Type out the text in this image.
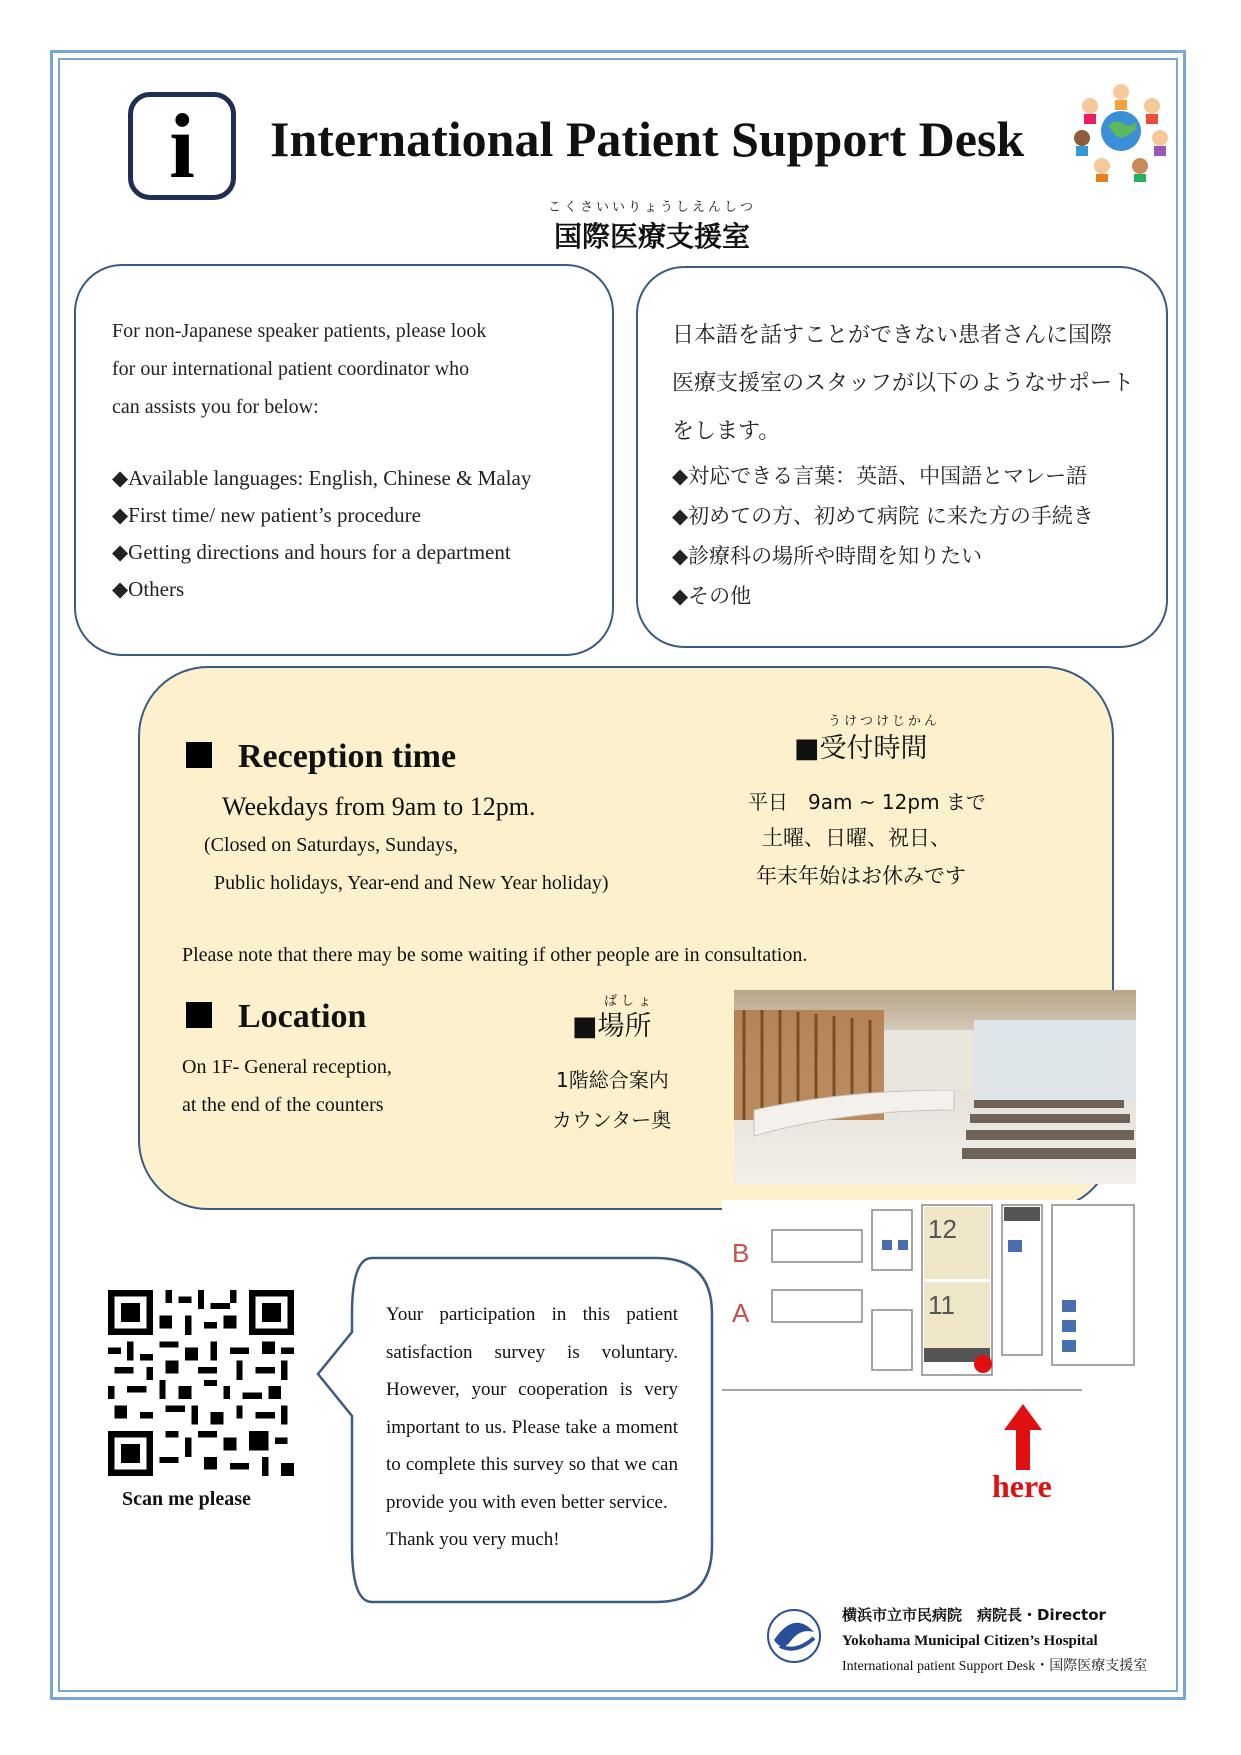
i	International Patient Support Desk
こくさいいりょうしえんしつ
国際医療支援室
For non-Japanese speaker patients, please look
for our international patient coordinator who
can assists you for below:
◆Available languages: English, Chinese & Malay
◆First time/ new patient’s procedure
◆Getting directions and hours for a department
◆Others
日本語を話すことができない患者さんに国際
医療支援室のスタッフが以下のようなサポート
をします。
◆対応できる言葉：英語、中国語とマレー語
◆初めての方、初めて病院 に来た方の手続き
◆診療科の場所や時間を知りたい
◆その他
Reception time
Weekdays from 9am to 12pm.
(Closed on Saturdays, Sundays,
Public holidays, Year-end and New Year holiday)
うけつけじかん
■受付時間
平日　9am ~ 12pm まで
土曜、日曜、祝日、
年末年始はお休みです
Please note that there may be some waiting if other people are in consultation.
Location
On 1F- General reception,
at the end of the counters
ばしょ
■場所
1階総合案内
カウンター奥
12
11
B
A
here
Scan me please
Your participation in this patient satisfaction survey is voluntary. However, your cooperation is very important to us. Please take a moment to complete this survey so that we can provide you with even better service.
Thank you very much!
横浜市立市民病院　病院長・Director
Yokohama Municipal Citizen’s Hospital
International patient Support Desk・国際医療支援室
